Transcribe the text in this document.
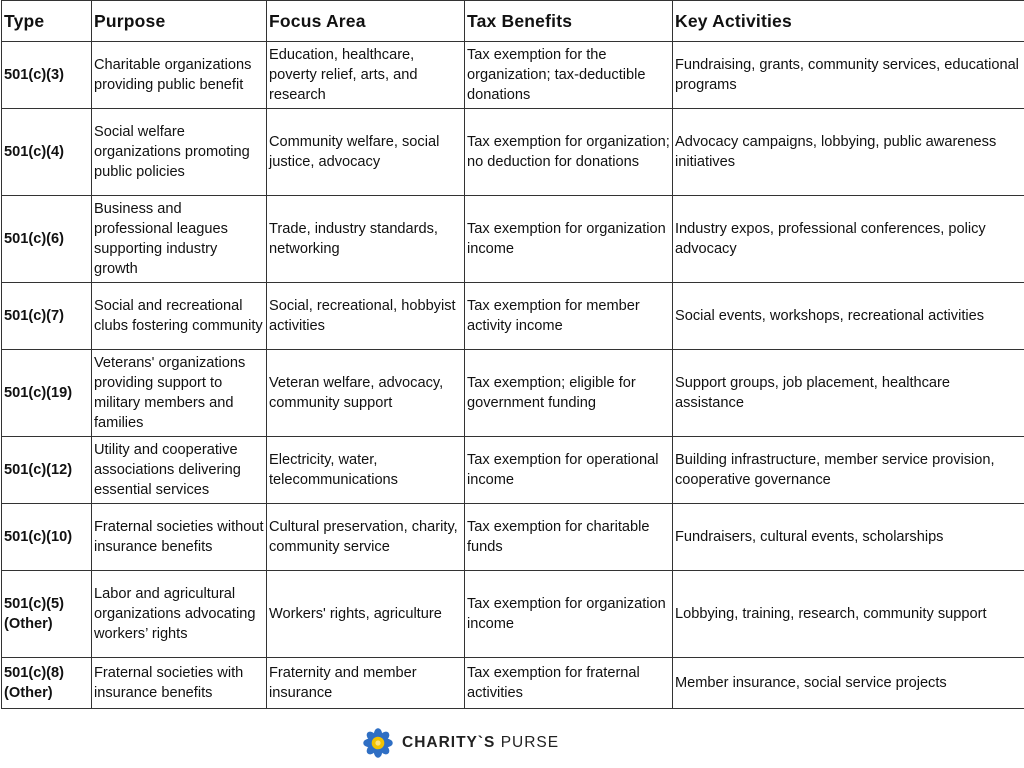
Type	Purpose	Focus Area	Tax Benefits	Key Activities
501(c)(3)	Charitable organizations providing public benefit	Education, healthcare, poverty relief, arts, and research	Tax exemption for the organization; tax-deductible donations	Fundraising, grants, community services, educational programs
501(c)(4)	Social welfare organizations promoting public policies	Community welfare, social justice, advocacy	Tax exemption for organization; no deduction for donations	Advocacy campaigns, lobbying, public awareness initiatives
501(c)(6)	Business and professional leagues supporting industry growth	Trade, industry standards, networking	Tax exemption for organization income	Industry expos, professional conferences, policy advocacy
501(c)(7)	Social and recreational clubs fostering community	Social, recreational, hobbyist activities	Tax exemption for member activity income	Social events, workshops, recreational activities
501(c)(19)	Veterans' organizations providing support to military members and families	Veteran welfare, advocacy, community support	Tax exemption; eligible for government funding	Support groups, job placement, healthcare assistance
501(c)(12)	Utility and cooperative associations delivering essential services	Electricity, water, telecommunications	Tax exemption for operational income	Building infrastructure, member service provision, cooperative governance
501(c)(10)	Fraternal societies without insurance benefits	Cultural preservation, charity, community service	Tax exemption for charitable funds	Fundraisers, cultural events, scholarships
501(c)(5) (Other)	Labor and agricultural organizations advocating workers’ rights	Workers' rights, agriculture	Tax exemption for organization income	Lobbying, training, research, community support
501(c)(8) (Other)	Fraternal societies with insurance benefits	Fraternity and member insurance	Tax exemption for fraternal activities	Member insurance, social service projects
CHARITY`S PURSE
